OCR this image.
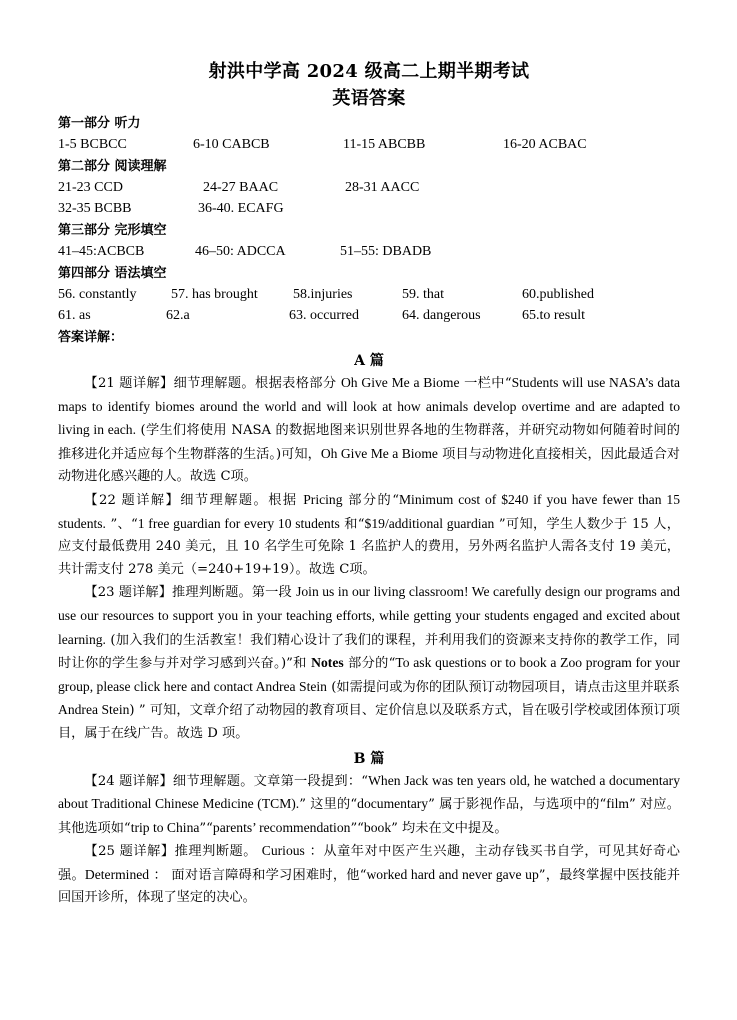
射洪中学高 2024 级高二上期半期考试
英语答案
第一部分 听力
1-5 BCBCC	6-10 CABCB	11-15 ABCBB	16-20 ACBAC
第二部分 阅读理解
21-23 CCD	24-27 BAAC	28-31 AACC
32-35 BCBB	36-40. ECAFG
第三部分 完形填空
41–45:ACBCB	46–50: ADCCA	51–55: DBADB
第四部分 语法填空
56. constantly	57. has brought	58.injuries	59. that	60.published
61. as	62.a	63. occurred	64. dangerous	65.to result
答案详解：
A 篇

【21 题详解】细节理解题。根据表格部分 Oh Give Me a Biome 一栏中“Students will use NASA’s data maps to identify biomes around the world and will look at how animals develop overtime and are adapted to living in each. (学生们将使用 NASA 的数据地图来识别世界各地的生物群落，并研究动物如何随着时间的推移进化并适应每个生物群落的生活。)可知，Oh Give Me a Biome 项目与动物进化直接相关，因此最适合对动物进化感兴趣的人。故选 C项。

【22 题详解】细节理解题。根据 Pricing 部分的“Minimum cost of $240 if you have fewer than 15 students. ”、“1 free guardian for every 10 students 和“$19/additional guardian ”可知，学生人数少于 15 人，应支付最低费用 240 美元，且 10 名学生可免除 1 名监护人的费用，另外两名监护人需各支付 19 美元，共计需支付 278 美元（=240+19+19）。故选 C项。

【23 题详解】推理判断题。第一段 Join us in our living classroom! We carefully design our programs and use our resources to support you in your teaching efforts, while getting your students engaged and excited about learning. (加入我们的生活教室！我们精心设计了我们的课程，并利用我们的资源来支持你的教学工作，同时让你的学生参与并对学习感到兴奋。)”和 Notes 部分的“To ask questions or to book a Zoo program for your group, please click here and contact Andrea Stein (如需提问或为你的团队预订动物园项目，请点击这里并联系 Andrea Stein) ” 可知，文章介绍了动物园的教育项目、定价信息以及联系方式，旨在吸引学校或团体预订项目，属于在线广告。故选 D 项。

B 篇

【24 题详解】细节理解题。文章第一段提到：“When Jack was ten years old, he watched a documentary about Traditional Chinese Medicine (TCM).” 这里的“documentary” 属于影视作品，与选项中的“film” 对应。其他选项如“trip to China”“parents’ recommendation”“book” 均未在文中提及。

【25 题详解】推理判断题。 Curious ：从童年对中医产生兴趣，主动存钱买书自学，可见其好奇心强。Determined ： 面对语言障碍和学习困难时，他“worked hard and never gave up”，最终掌握中医技能并回国开诊所，体现了坚定的决心。
